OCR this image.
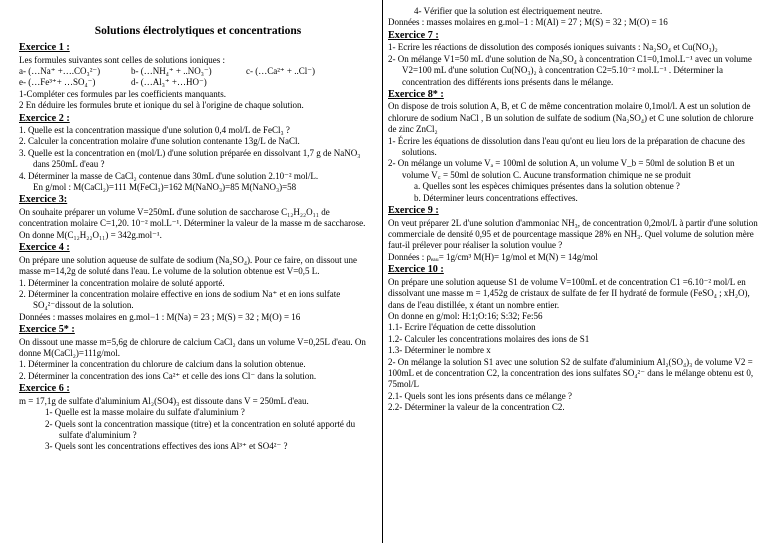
Solutions électrolytiques et concentrations

Exercice 1 :

Les formules suivantes sont celles de solutions ioniques :

a- (…Na⁺ +….CO₃²⁻)	b- (…NH₄⁺ + ..NO₃⁻)	c- (…Ca²⁺ + ..Cl⁻)
e- (…Fe³⁺+ …SO₄⁻)	d- (…Al₃⁺ +…HO⁻)

1-Compléter ces formules par les coefficients manquants.

2 En déduire les formules brute et ionique du sel à l'origine de chaque solution.

Exercice 2 :

1. Quelle est la concentration massique d'une solution 0,4 mol/L de FeCl₃ ?

2. Calculer la concentration molaire d'une solution contenante 13g/L de NaCl.

3. Quelle est la concentration en (mol/L) d'une solution préparée en dissolvant 1,7 g de NaNO₃ dans 250mL d'eau ?

4. Déterminer la masse de CaCl₂ contenue dans 30mL d'une solution 2.10⁻² mol/L.

En g/mol : M(CaCl₂)=111 M(FeCl₃)=162 M(NaNO₃)=85 M(NaNO₃)=58

Exercice 3:

On souhaite préparer un volume V=250mL d'une solution de saccharose C₁₂H₂₂O₁₁ de concentration molaire C=1,20. 10⁻² mol.L⁻¹. Déterminer la valeur de la masse m de saccharose. On donne M(C₁₂H₂₂O₁₁) = 342g.mol⁻¹.

Exercice 4 :

On prépare une solution aqueuse de sulfate de sodium (Na₂SO₄). Pour ce faire, on dissout une masse m=14,2g de soluté dans l'eau. Le volume de la solution obtenue est V=0,5 L.

1. Déterminer la concentration molaire de soluté apporté.

2. Déterminer la concentration molaire effective en ions de sodium Na⁺ et en ions sulfate SO₄²⁻dissout de la solution.

Données : masses molaires en g.mol−1 : M(Na) = 23 ; M(S) = 32 ; M(O) = 16

Exercice 5* :

On dissout une masse m=5,6g de chlorure de calcium CaCl₂ dans un volume V=0,25L d'eau. On donne M(CaCl₂)=111g/mol.

1. Déterminer la concentration du chlorure de calcium dans la solution obtenue.

2. Déterminer la concentration des ions Ca²⁺ et celle des ions Cl⁻ dans la solution.

Exercice 6 :

m = 17,1g de sulfate d'aluminium Al₂(SO4)₃ est dissoute dans V = 250mL d'eau.

1- Quelle est la masse molaire du sulfate d'aluminium ?

2- Quels sont la concentration massique (titre) et la concentration en soluté apporté du sulfate d'aluminium ?

3- Quels sont les concentrations effectives des ions Al³⁺ et SO4²⁻ ?

4- Vérifier que la solution est électriquement neutre.

Données : masses molaires en g.mol−1 : M(Al) = 27 ; M(S) = 32 ; M(O) = 16

Exercice 7 :

1- Ecrire les réactions de dissolution des composés ioniques suivants : Na₂SO₄ et Cu(NO₃)₂

2- On mélange V1=50 mL d'une solution de Na₂SO₄ à concentration C1=0,1mol.L⁻¹ avec un volume V2=100 mL d'une solution Cu(NO₃)₂ à concentration C2=5.10⁻² mol.L⁻¹ . Déterminer la concentration des différents ions présents dans le mélange.

Exercice 8* :

On dispose de trois solution A, B, et C de même concentration molaire 0,1mol/l. A est un solution de chlorure de sodium NaCl , B un solution de sulfate de sodium (Na₂SO₄) et C une solution de chlorure de zinc ZnCl₂

1- Écrire les équations de dissolution dans l'eau qu'ont eu lieu lors de la préparation de chacune des solutions.

2- On mélange un volume Vₐ = 100ml de solution A, un volume V_b = 50ml de solution B et un volume V꜀ = 50ml de solution C. Aucune transformation chimique ne se produit

a. Quelles sont les espèces chimiques présentes dans la solution obtenue ?

b. Déterminer leurs concentrations effectives.

Exercice 9 :

On veut préparer 2L d'une solution d'ammoniac NH₃, de concentration 0,2mol/L à partir d'une solution commerciale de densité 0,95 et de pourcentage massique 28% en NH₃. Quel volume de solution mère faut-il prélever pour réaliser la solution voulue ?

Données : ρₑₐᵤ= 1g/cm³ M(H)= 1g/mol et M(N) = 14g/mol

Exercice 10 :

On prépare une solution aqueuse S1 de volume V=100mL et de concentration C1 =6.10⁻² mol/L en dissolvant une masse m = 1,452g de cristaux de sulfate de fer II hydraté de formule (FeSO₄ ; xH₂O), dans de l'eau distillée, x étant un nombre entier.

On donne en g/mol: H:1;O:16; S:32; Fe:56

1.1- Ecrire l'équation de cette dissolution

1.2- Calculer les concentrations molaires des ions de S1

1.3- Déterminer le nombre x

2- On mélange la solution S1 avec une solution S2 de sulfate d'aluminium Al₂(SO₄)₃ de volume V2 = 100mL et de concentration C2, la concentration des ions sulfates SO₄²⁻ dans le mélange obtenu est 0, 75mol/L

2.1- Quels sont les ions présents dans ce mélange ?

2.2- Déterminer la valeur de la concentration C2.
